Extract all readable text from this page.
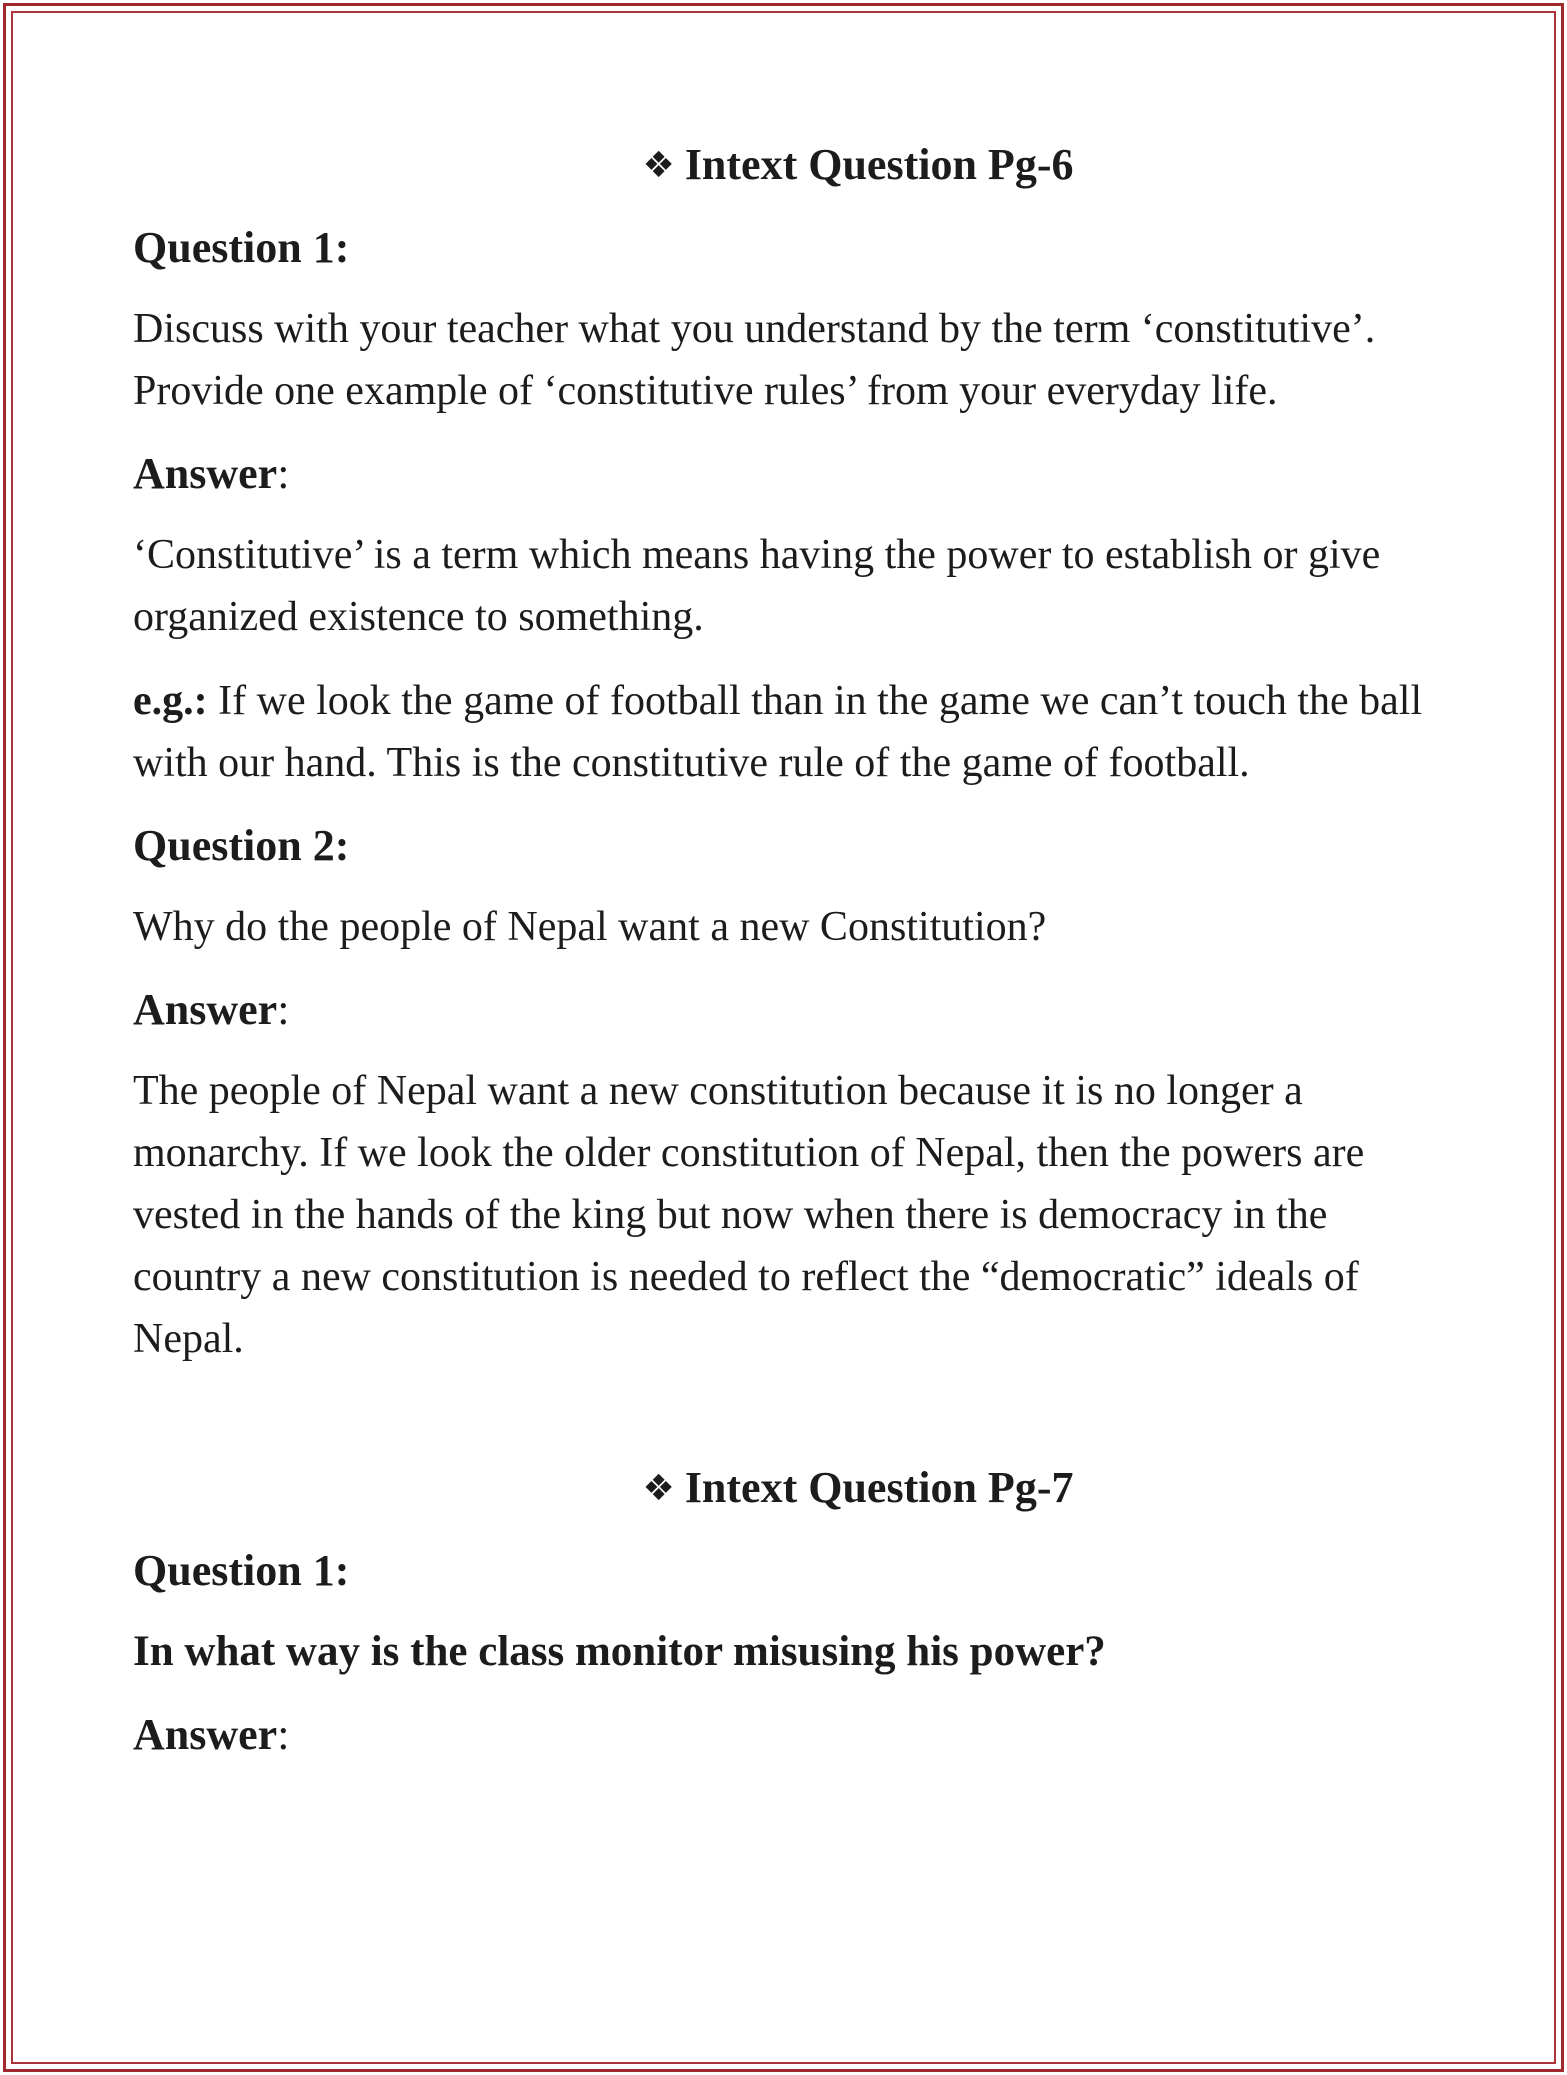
❖ Intext Question Pg-6
Question 1:
Discuss with your teacher what you understand by the term ‘constitutive’. Provide one example of ‘constitutive rules’ from your everyday life.
Answer:
‘Constitutive’ is a term which means having the power to establish or give organized existence to something.
e.g.: If we look the game of football than in the game we can’t touch the ball with our hand. This is the constitutive rule of the game of football.
Question 2:
Why do the people of Nepal want a new Constitution?
Answer:
The people of Nepal want a new constitution because it is no longer a monarchy. If we look the older constitution of Nepal, then the powers are vested in the hands of the king but now when there is democracy in the country a new constitution is needed to reflect the “democratic” ideals of Nepal.
❖ Intext Question Pg-7
Question 1:
In what way is the class monitor misusing his power?
Answer:
